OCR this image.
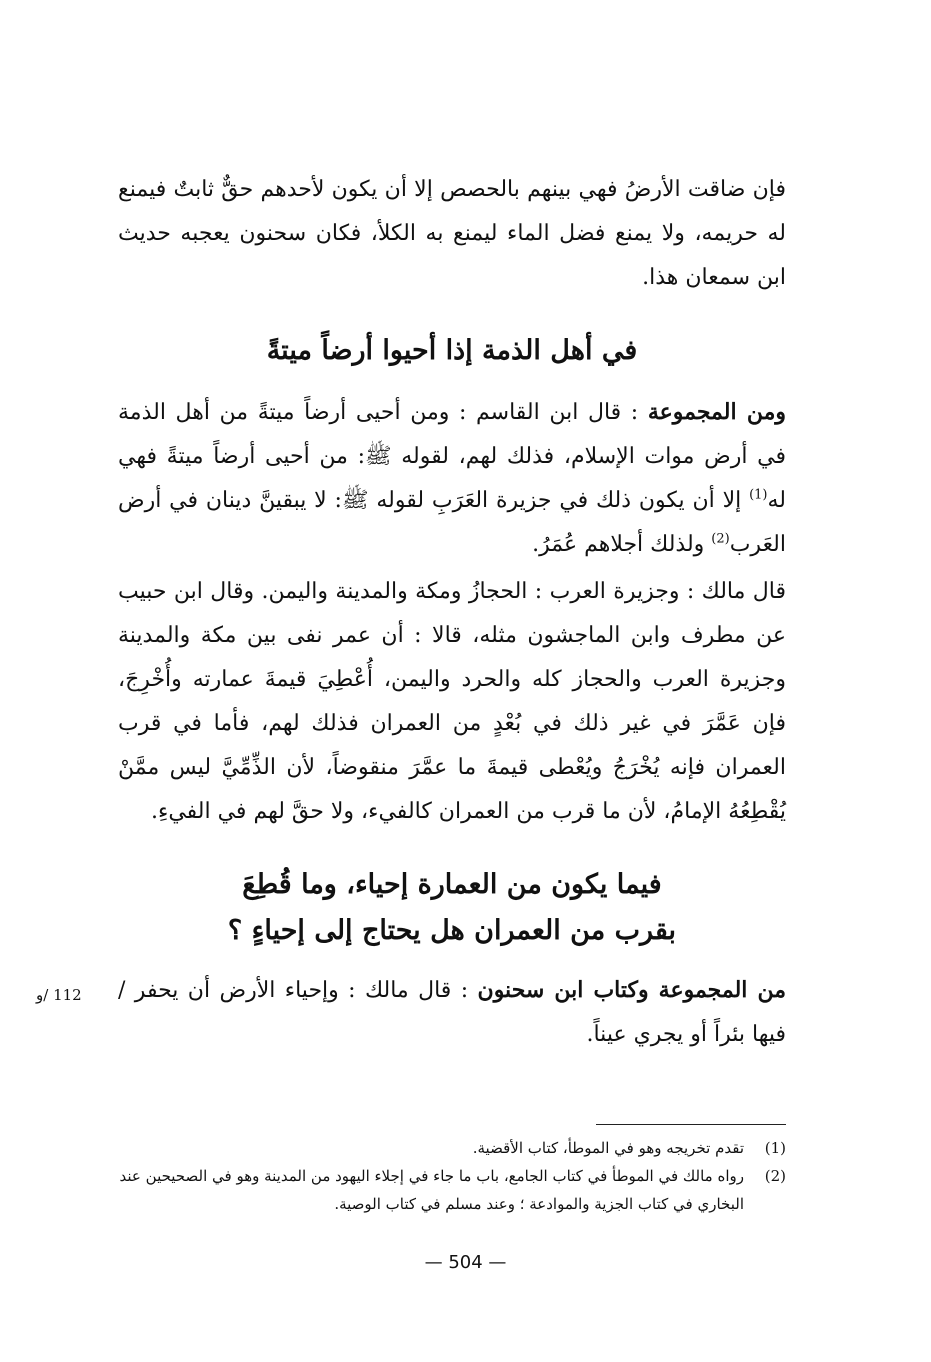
فإن ضاقت الأرضُ فهي بينهم بالحصص إلا أن يكون لأحدهم حقٌّ ثابتٌ فيمنع له حريمه، ولا يمنع فضل الماء ليمنع به الكلأ، فكان سحنون يعجبه حديث ابن سمعان هذا.

في أهل الذمة إذا أحيوا أرضاً ميتةً

ومن المجموعة : قال ابن القاسم : ومن أحيى أرضاً ميتةً من أهل الذمة في أرض موات الإسلام، فذلك لهم، لقوله ﷺ: من أحيى أرضاً ميتةً فهي له$^{(1)}$ إلا أن يكون ذلك في جزيرة العَرَبِ لقوله ﷺ: لا يبقينَّ دينان في أرض العَرب$^{(2)}$ ولذلك أجلاهم عُمَرُ.

قال مالك : وجزيرة العرب : الحجازُ ومكة والمدينة واليمن. وقال ابن حبيب عن مطرف وابن الماجشون مثله، قالا : أن عمر نفى بين مكة والمدينة وجزيرة العرب والحجاز كله والحرد واليمن، أُعْطِيَ قيمةَ عمارته وأُخْرِجَ، فإن عَمَّرَ في غير ذلك في بُعْدٍ من العمران فذلك لهم، فأما في قرب العمران فإنه يُخْرَجُ ويُعْطى قيمةَ ما عمَّرَ منقوضاً، لأن الذِّمِّيَّ ليس ممَّنْ يُقْطِعُهُ الإمامُ، لأن ما قرب من العمران كالفيء، ولا حقَّ لهم في الفيءِ.

فيما يكون من العمارة إحياء، وما قُطِعَ
بقرب من العمران هل يحتاج إلى إحياءٍ ؟

من المجموعة وكتاب ابن سحنون : قال مالك : وإحياء الأرض أن يحفر / فيها بئراً أو يجري عيناً.

112 /و
(1)
تقدم تخريجه وهو في الموطأ، كتاب الأقضية.
(2)
رواه مالك في الموطأ في كتاب الجامع، باب ما جاء في إجلاء اليهود من المدينة وهو في الصحيحين عند البخاري في كتاب الجزية والموادعة ؛ وعند مسلم في كتاب الوصية.
— 504 —
